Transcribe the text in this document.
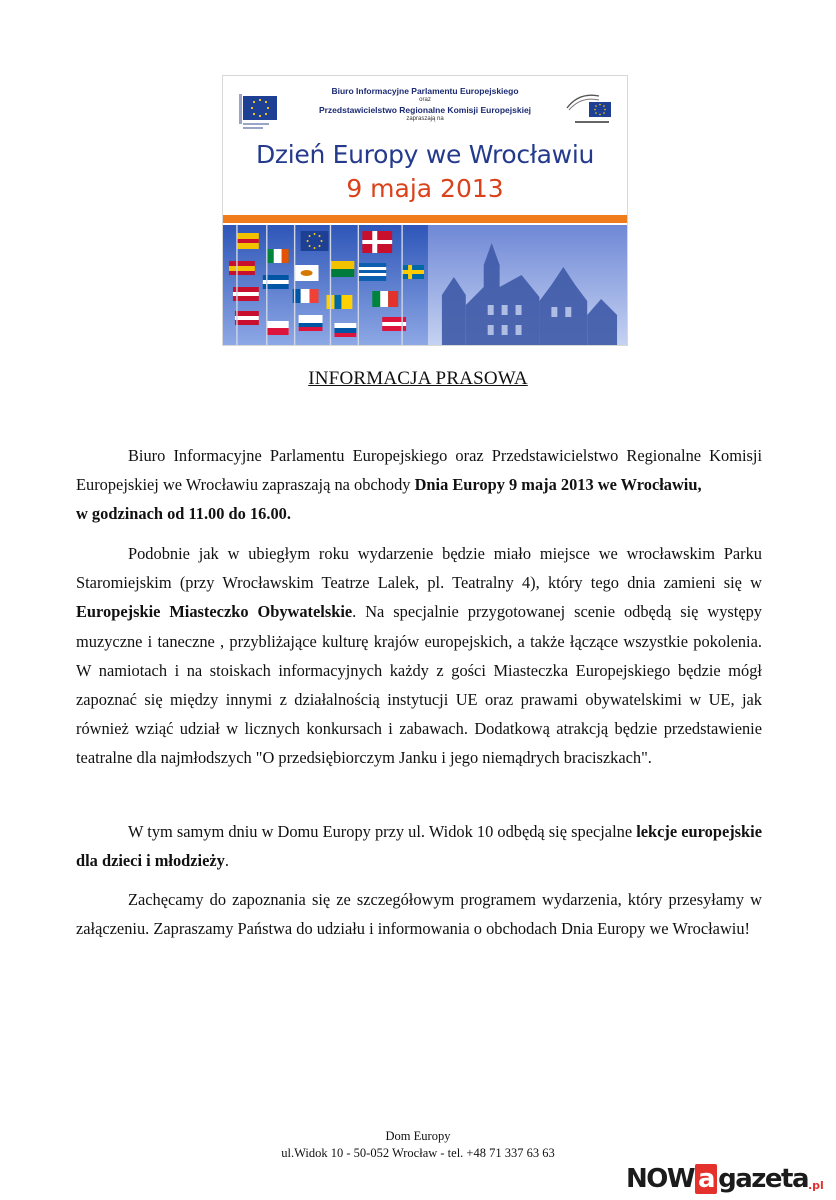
Biuro Informacyjne Parlamentu Europejskiego
oraz
Przedstawicielstwo Regionalne Komisji Europejskiej
zapraszają na
Dzień Europy we Wrocławiu
9 maja 2013
INFORMACJA PRASOWA
Biuro Informacyjne Parlamentu Europejskiego oraz Przedstawicielstwo Regionalne Komisji Europejskiej we Wrocławiu zapraszają na obchody Dnia Europy 9 maja 2013 we Wrocławiu,
w godzinach od 11.00 do 16.00.
Podobnie jak w ubiegłym roku wydarzenie będzie miało miejsce we wrocławskim Parku Staromiejskim (przy Wrocławskim Teatrze Lalek, pl. Teatralny 4), który tego dnia zamieni się w Europejskie Miasteczko Obywatelskie. Na specjalnie przygotowanej scenie odbędą się występy muzyczne i taneczne , przybliżające kulturę krajów europejskich, a także łączące wszystkie pokolenia. W namiotach i na stoiskach informacyjnych każdy z gości Miasteczka Europejskiego będzie mógł zapoznać się między innymi z działalnością instytucji UE oraz prawami obywatelskimi w UE, jak również wziąć udział w licznych konkursach i zabawach. Dodatkową atrakcją będzie przedstawienie teatralne dla najmłodszych "O przedsiębiorczym Janku i jego niemądrych braciszkach".
W tym samym dniu w Domu Europy przy ul. Widok 10 odbędą się specjalne lekcje europejskie dla dzieci i młodzieży.
Zachęcamy do zapoznania się ze szczegółowym programem wydarzenia, który przesyłamy w załączeniu. Zapraszamy Państwa do udziału i informowania o obchodach Dnia Europy we Wrocławiu!
Dom Europy
ul.Widok 10 - 50-052 Wrocław - tel. +48 71 337 63 63
NOW a gazeta .pl
